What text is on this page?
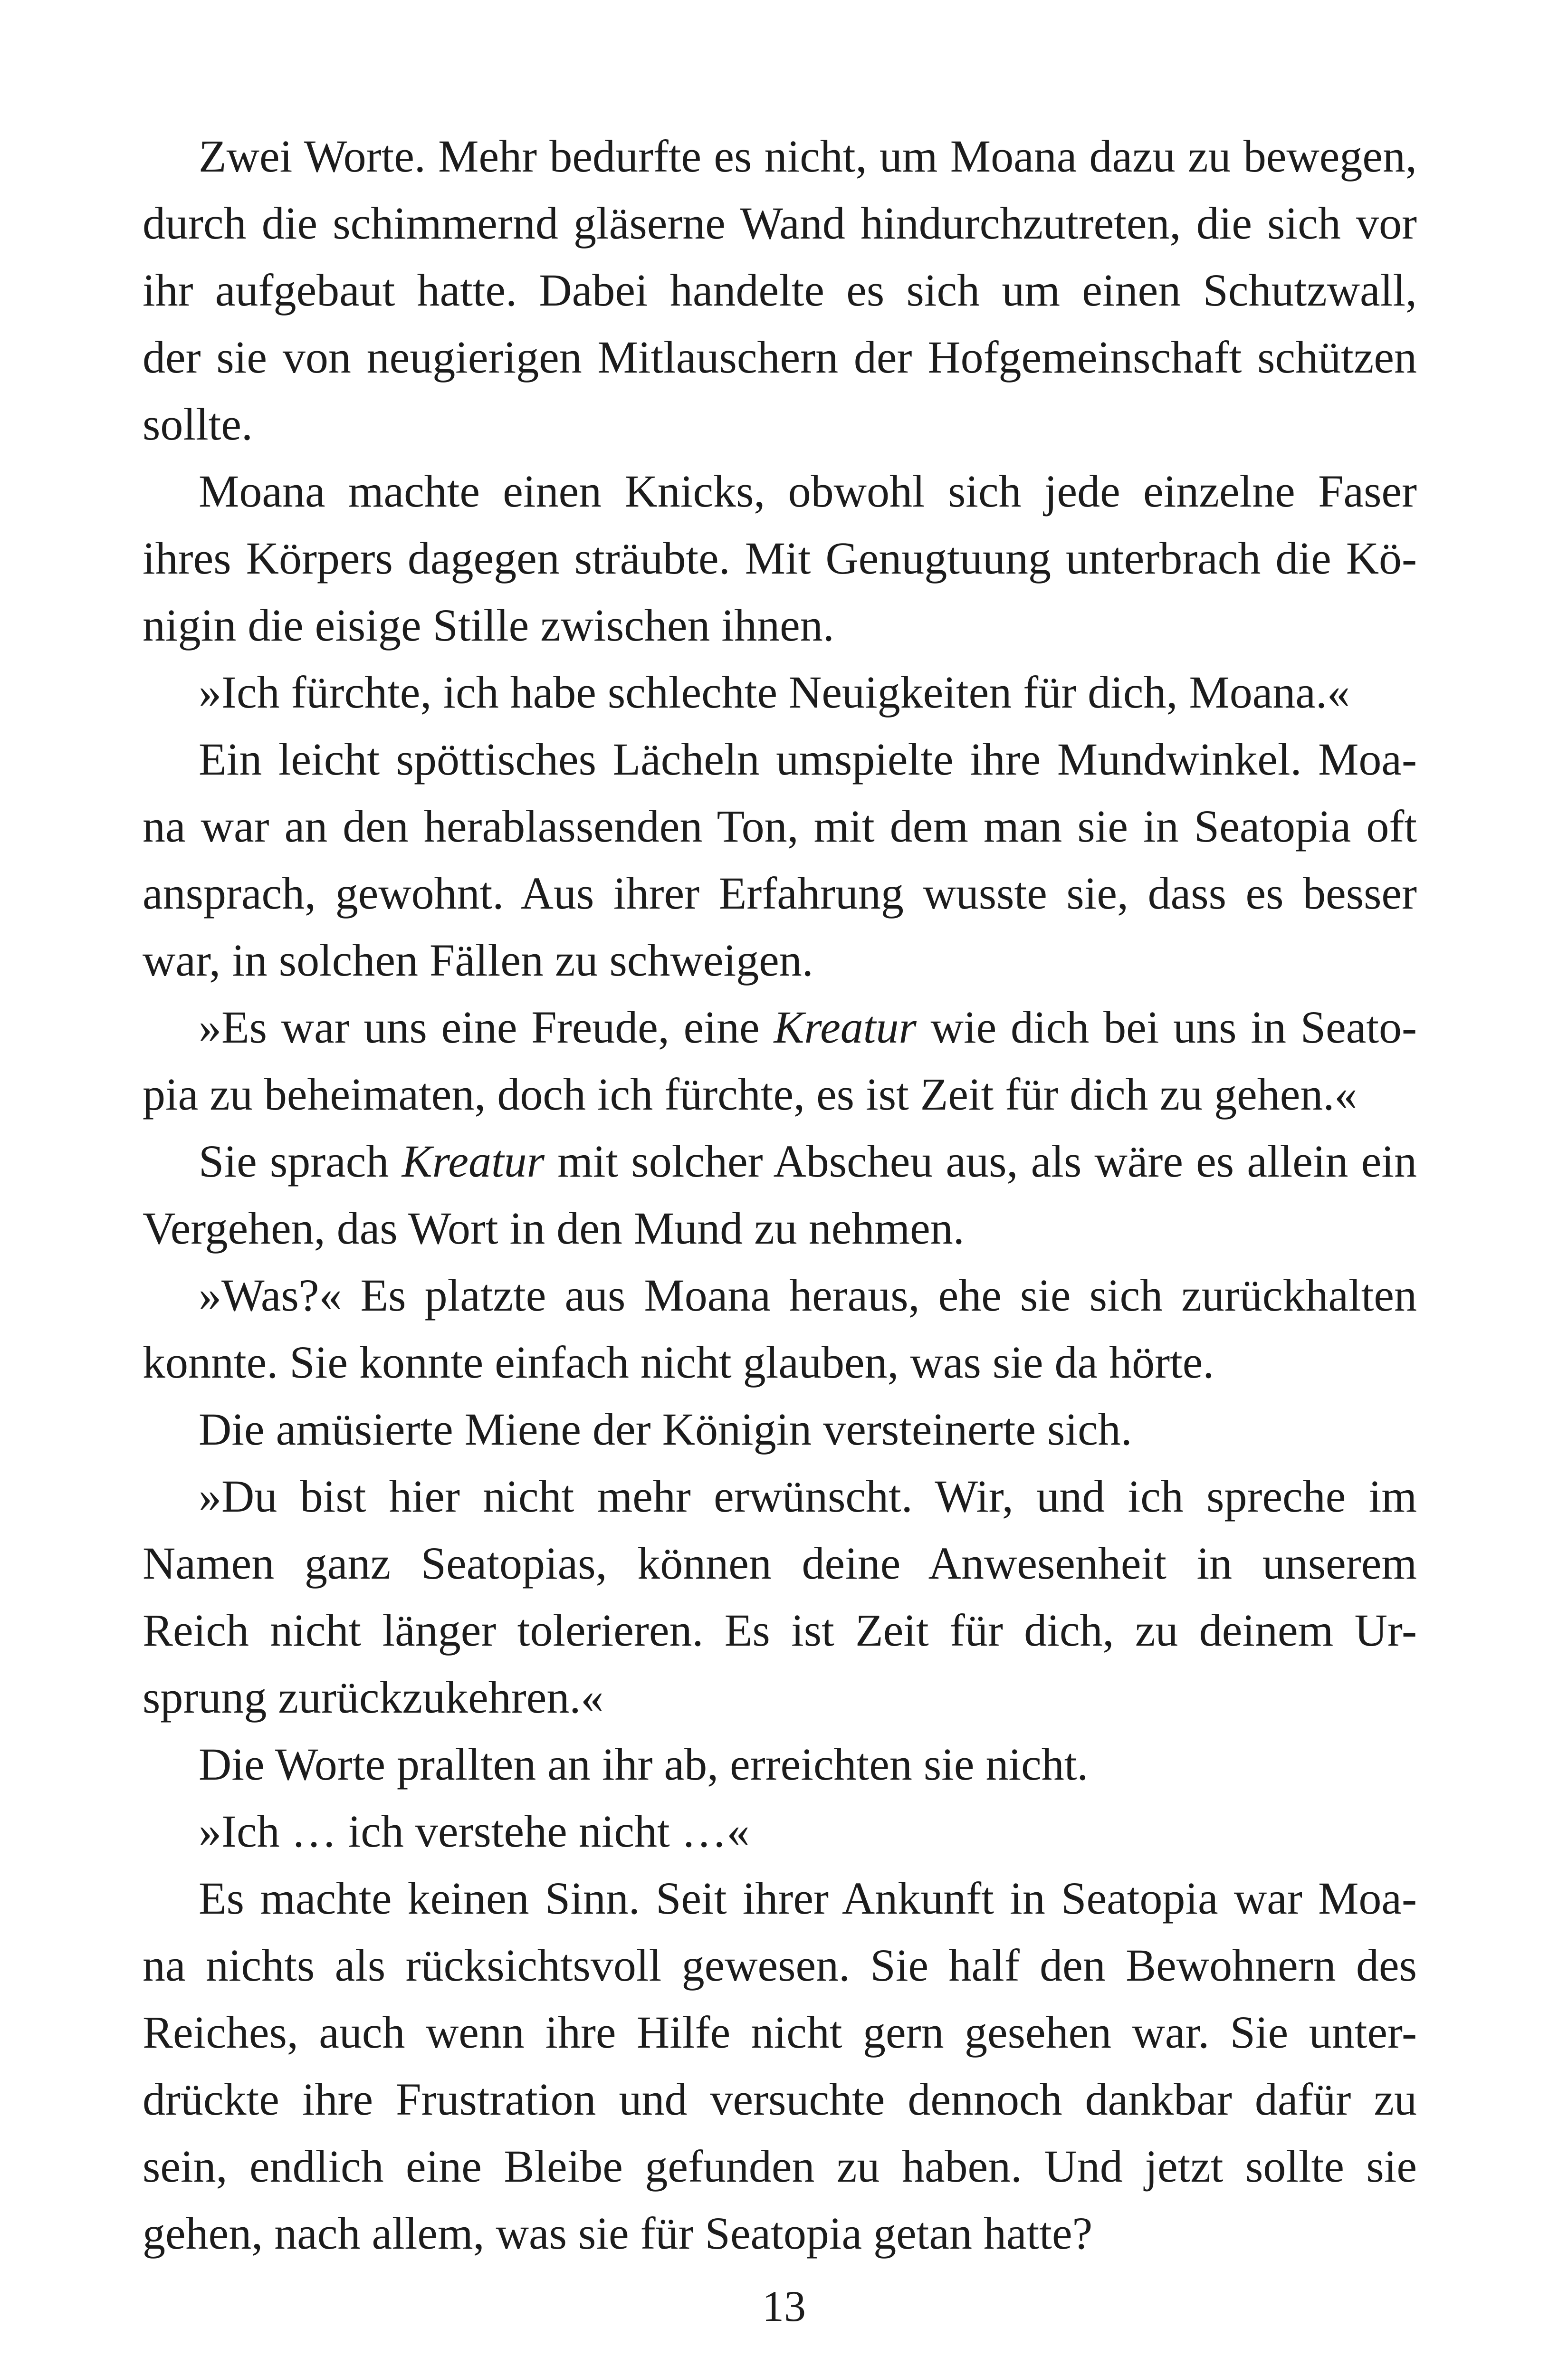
Zwei Worte. Mehr bedurfte es nicht, um Moana dazu zu bewegen,
durch die schimmernd gläserne Wand hindurchzutreten, die sich vor
ihr aufgebaut hatte. Dabei handelte es sich um einen Schutzwall,
der sie von neugierigen Mitlauschern der Hofgemeinschaft schützen
sollte.
Moana machte einen Knicks, obwohl sich jede einzelne Faser
ihres Körpers dagegen sträubte. Mit Genugtuung unterbrach die Kö-
nigin die eisige Stille zwischen ihnen.
»Ich fürchte, ich habe schlechte Neuigkeiten für dich, Moana.«
Ein leicht spöttisches Lächeln umspielte ihre Mundwinkel. Moa-
na war an den herablassenden Ton, mit dem man sie in Seatopia oft
ansprach, gewohnt. Aus ihrer Erfahrung wusste sie, dass es besser
war, in solchen Fällen zu schweigen.
»Es war uns eine Freude, eine Kreatur wie dich bei uns in Seato-
pia zu beheimaten, doch ich fürchte, es ist Zeit für dich zu gehen.«
Sie sprach Kreatur mit solcher Abscheu aus, als wäre es allein ein
Vergehen, das Wort in den Mund zu nehmen.
»Was?« Es platzte aus Moana heraus, ehe sie sich zurückhalten
konnte. Sie konnte einfach nicht glauben, was sie da hörte.
Die amüsierte Miene der Königin versteinerte sich.
»Du bist hier nicht mehr erwünscht. Wir, und ich spreche im
Namen ganz Seatopias, können deine Anwesenheit in unserem
Reich nicht länger tolerieren. Es ist Zeit für dich, zu deinem Ur-
sprung zurückzukehren.«
Die Worte prallten an ihr ab, erreichten sie nicht.
»Ich … ich verstehe nicht …«
Es machte keinen Sinn. Seit ihrer Ankunft in Seatopia war Moa-
na nichts als rücksichtsvoll gewesen. Sie half den Bewohnern des
Reiches, auch wenn ihre Hilfe nicht gern gesehen war. Sie unter-
drückte ihre Frustration und versuchte dennoch dankbar dafür zu
sein, endlich eine Bleibe gefunden zu haben. Und jetzt sollte sie
gehen, nach allem, was sie für Seatopia getan hatte?
13
